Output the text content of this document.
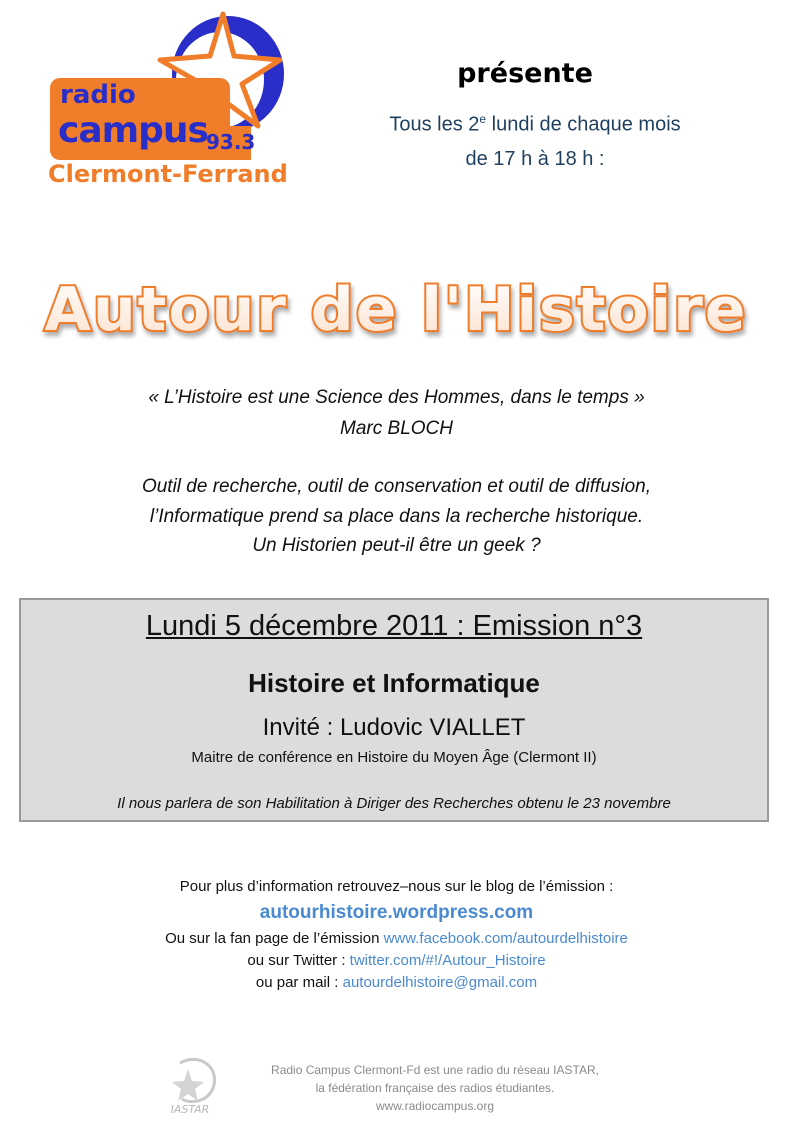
radio
campus
93.3
Clermont-Ferrand
présente
Tous les 2e lundi de chaque mois
de 17 h à 18 h :
Autour de l'Histoire
« L’Histoire est une Science des Hommes, dans le temps »
Marc BLOCH
Outil de recherche, outil de conservation et outil de diffusion,
l’Informatique prend sa place dans la recherche historique.
Un Historien peut-il être un geek ?
Lundi 5 décembre 2011 : Emission n°3
Histoire et Informatique
Invité : Ludovic VIALLET
Maitre de conférence en Histoire du Moyen Âge (Clermont II)
Il nous parlera de son Habilitation à Diriger des Recherches obtenu le 23 novembre
Pour plus d’information retrouvez–nous sur le blog de l’émission :
autourhistoire.wordpress.com
Ou sur la fan page de l’émission www.facebook.com/autourdelhistoire
ou sur Twitter : twitter.com/#!/Autour_Histoire
ou par mail : autourdelhistoire@gmail.com
IASTAR
Radio Campus Clermont-Fd est une radio du réseau IASTAR,
la fédération française des radios étudiantes.
www.radiocampus.org
